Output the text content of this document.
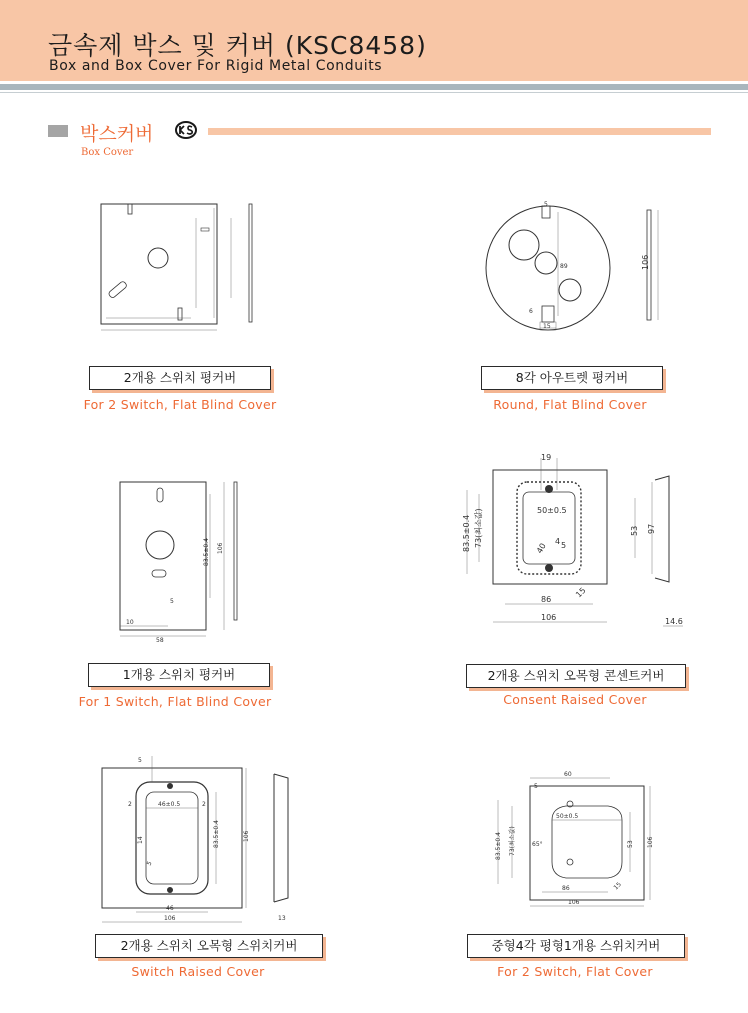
금속제 박스 및 커버 (KSC8458)
Box and Box Cover For Rigid Metal Conduits
박스커버
Box Cover
2개용 스위치 평커버
For 2 Switch, Flat Blind Cover
89
5
6
15
106
8각 아우트렛 평커버
Round, Flat Blind Cover
83.5±0.4 106
5
10
58
1개용 스위치 평커버
For 1 Switch, Flat Blind Cover
19
50±0.5
83.5±0.4 73(최소값)	53 97
4 5
40
86
106
15
14.6
2개용 스위치 오목형 콘센트커버
Consent Raised Cover
5
46±0.5
2	2
83.5±0.4	106
14
5
46
106	13
2개용 스위치 오목형 스위치커버
Switch Raised Cover
60
5
50±0.5
83.5±0.4 73(최소값)	53 106
65°
86
106
15
중형4각 평형1개용 스위치커버
For 2 Switch, Flat Cover
